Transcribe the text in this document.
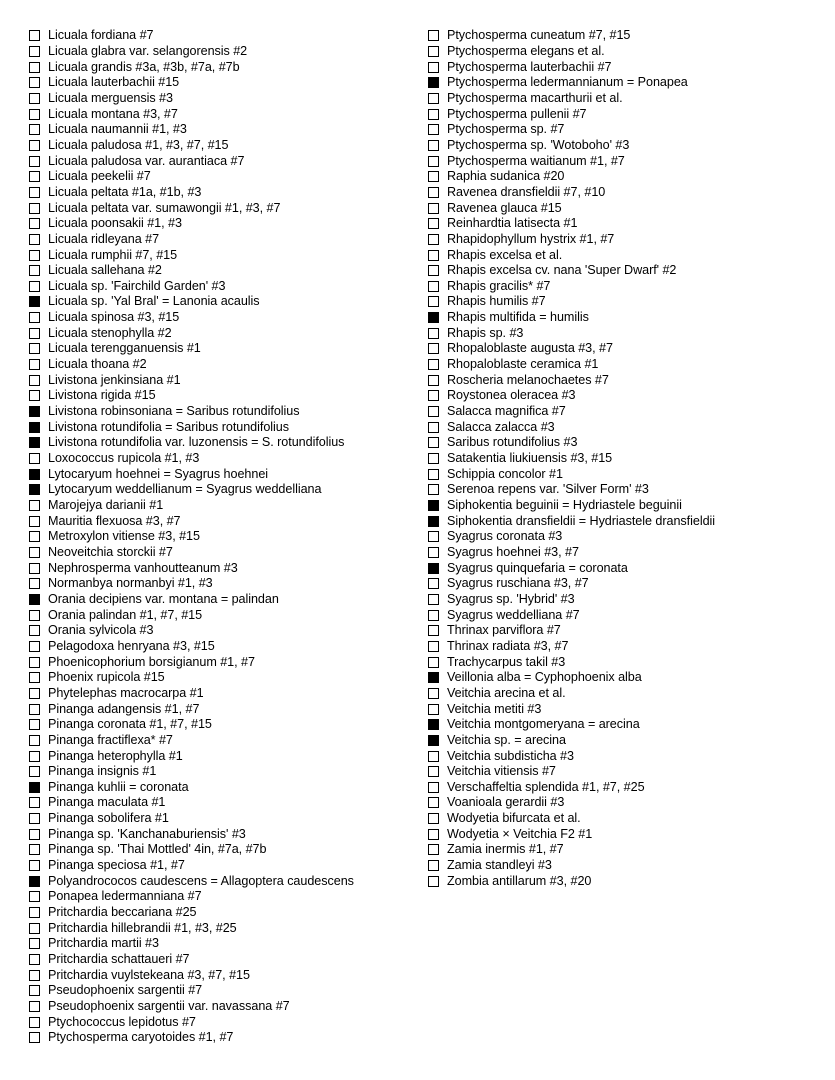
Licuala fordiana #7
Licuala glabra var. selangorensis #2
Licuala grandis #3a, #3b, #7a, #7b
Licuala lauterbachii #15
Licuala merguensis #3
Licuala montana #3, #7
Licuala naumannii #1, #3
Licuala paludosa #1, #3, #7, #15
Licuala paludosa var. aurantiaca #7
Licuala peekelii #7
Licuala peltata #1a, #1b, #3
Licuala peltata var. sumawongii #1, #3, #7
Licuala poonsakii #1, #3
Licuala ridleyana #7
Licuala rumphii #7, #15
Licuala sallehana #2
Licuala sp. 'Fairchild Garden' #3
Licuala sp. 'Yal Bral' = Lanonia acaulis
Licuala spinosa #3, #15
Licuala stenophylla #2
Licuala terengganuensis #1
Licuala thoana #2
Livistona jenkinsiana #1
Livistona rigida #15
Livistona robinsoniana = Saribus rotundifolius
Livistona rotundifolia = Saribus rotundifolius
Livistona rotundifolia var. luzonensis = S. rotundifolius
Loxococcus rupicola #1, #3
Lytocaryum hoehnei = Syagrus hoehnei
Lytocaryum weddellianum = Syagrus weddelliana
Marojejya darianii #1
Mauritia flexuosa #3, #7
Metroxylon vitiense #3, #15
Neoveitchia storckii #7
Nephrosperma vanhoutteanum #3
Normanbya normanbyi #1, #3
Orania decipiens var. montana = palindan
Orania palindan #1, #7, #15
Orania sylvicola #3
Pelagodoxa henryana #3, #15
Phoenicophorium borsigianum #1, #7
Phoenix rupicola #15
Phytelephas macrocarpa #1
Pinanga adangensis #1, #7
Pinanga coronata #1, #7, #15
Pinanga fractiflexa* #7
Pinanga heterophylla #1
Pinanga insignis #1
Pinanga kuhlii = coronata
Pinanga maculata #1
Pinanga sobolifera #1
Pinanga sp. 'Kanchanaburiensis' #3
Pinanga sp. 'Thai Mottled' 4in, #7a, #7b
Pinanga speciosa #1, #7
Polyandrococos caudescens = Allagoptera caudescens
Ponapea ledermanniana #7
Pritchardia beccariana #25
Pritchardia hillebrandii #1, #3, #25
Pritchardia martii #3
Pritchardia schattaueri #7
Pritchardia vuylstekeana #3, #7, #15
Pseudophoenix sargentii #7
Pseudophoenix sargentii var. navassana #7
Ptychococcus lepidotus #7
Ptychosperma caryotoides #1, #7
Ptychosperma cuneatum #7, #15
Ptychosperma elegans et al.
Ptychosperma lauterbachii #7
Ptychosperma ledermannianum = Ponapea
Ptychosperma macarthurii et al.
Ptychosperma pullenii #7
Ptychosperma sp. #7
Ptychosperma sp. 'Wotoboho' #3
Ptychosperma waitianum #1, #7
Raphia sudanica #20
Ravenea dransfieldii #7, #10
Ravenea glauca #15
Reinhardtia latisecta #1
Rhapidophyllum hystrix #1, #7
Rhapis excelsa et al.
Rhapis excelsa cv. nana 'Super Dwarf' #2
Rhapis gracilis* #7
Rhapis humilis #7
Rhapis multifida = humilis
Rhapis sp. #3
Rhopaloblaste augusta #3, #7
Rhopaloblaste ceramica #1
Roscheria melanochaetes #7
Roystonea oleracea #3
Salacca magnifica #7
Salacca zalacca #3
Saribus rotundifolius #3
Satakentia liukiuensis #3, #15
Schippia concolor #1
Serenoa repens var. 'Silver Form' #3
Siphokentia beguinii = Hydriastele beguinii
Siphokentia dransfieldii = Hydriastele dransfieldii
Syagrus coronata #3
Syagrus hoehnei #3, #7
Syagrus quinquefaria = coronata
Syagrus ruschiana #3, #7
Syagrus sp. 'Hybrid' #3
Syagrus weddelliana #7
Thrinax parviflora #7
Thrinax radiata #3, #7
Trachycarpus takil #3
Veillonia alba = Cyphophoenix alba
Veitchia arecina et al.
Veitchia metiti #3
Veitchia montgomeryana = arecina
Veitchia sp. = arecina
Veitchia subdisticha #3
Veitchia vitiensis #7
Verschaffeltia splendida #1, #7, #25
Voanioala gerardii #3
Wodyetia bifurcata et al.
Wodyetia × Veitchia F2 #1
Zamia inermis #1, #7
Zamia standleyi #3
Zombia antillarum #3, #20
